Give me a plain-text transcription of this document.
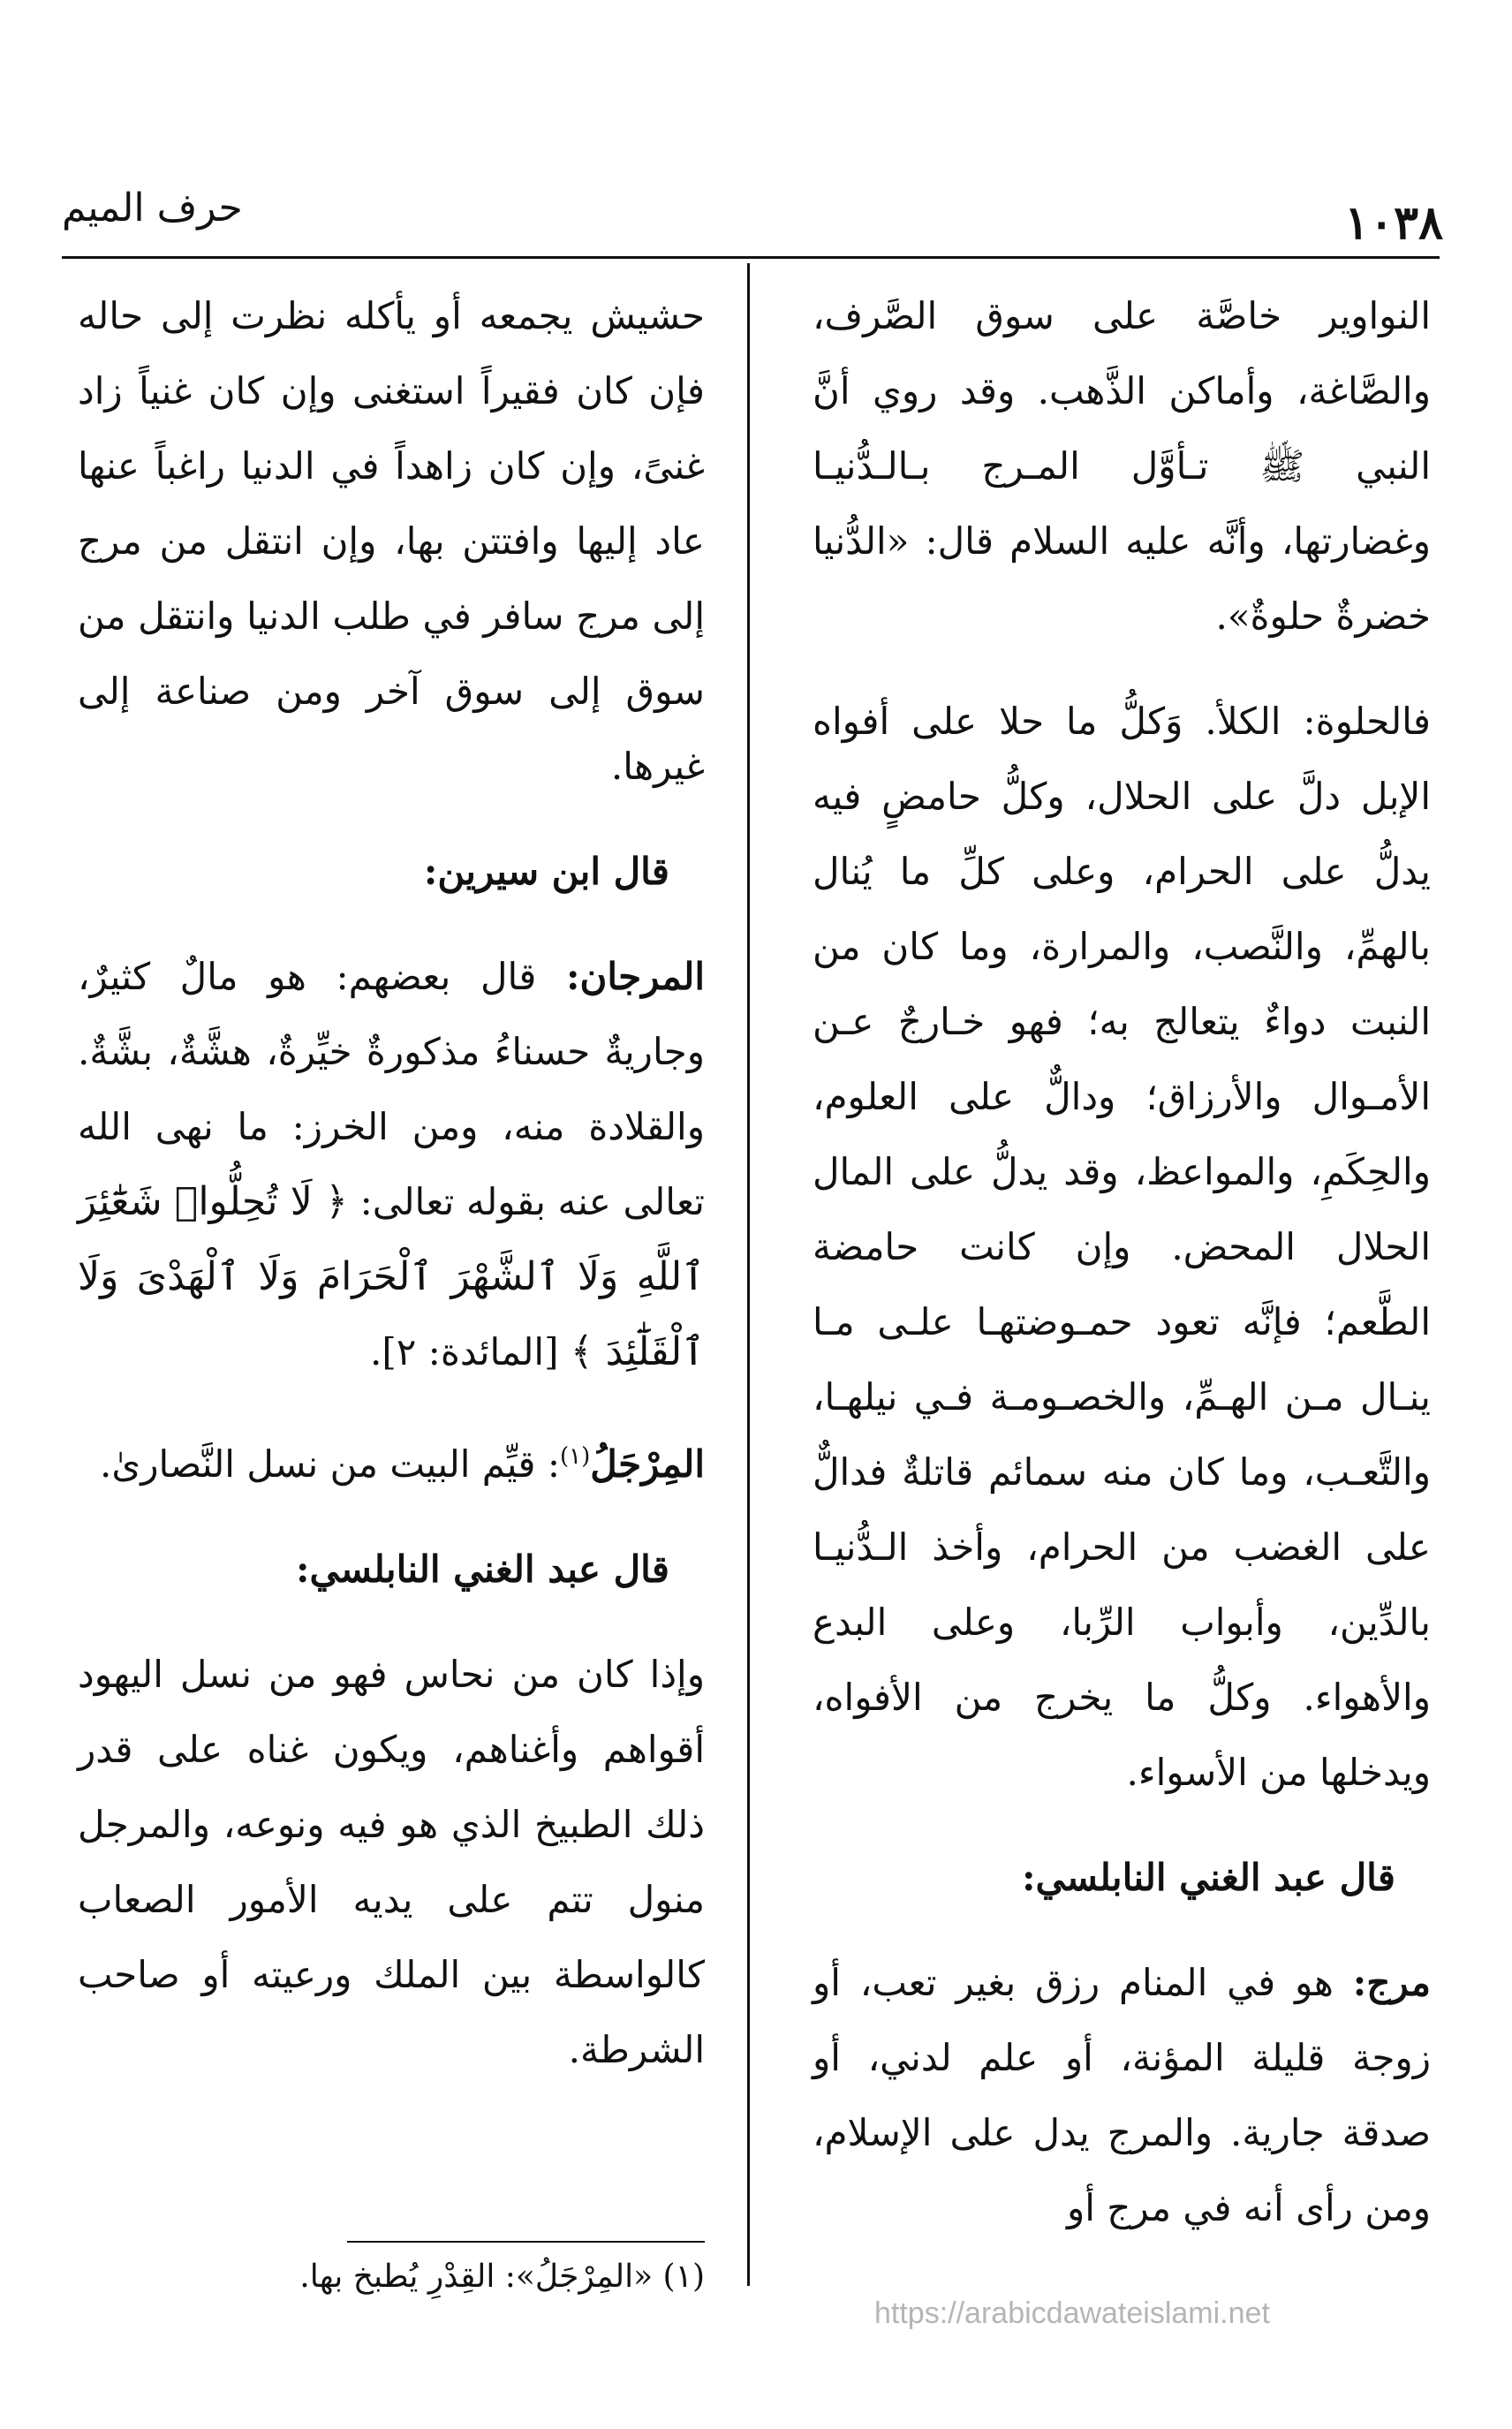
١٠٣٨
حرف الميم

النواوير خاصَّة على سوق الصَّرف، والصَّاغة، وأماكن الذَّهب. وقد روي أنَّ النبي ﷺ تـأوَّل المـرج بـالـدُّنيـا وغضارتها، وأنَّه عليه السلام قال: «الدُّنيا خضرةٌ حلوةٌ».

فالحلوة: الكلأ. وَكلُّ ما حلا على أفواه الإبل دلَّ على الحلال، وكلُّ حامضٍ فيه يدلُّ على الحرام، وعلى كلِّ ما يُنال بالهمِّ، والنَّصب، والمرارة، وما كان من النبت دواءٌ يتعالج به؛ فهو خـارجٌ عـن الأمـوال والأرزاق؛ ودالٌّ على العلوم، والحِكَمِ، والمواعظ، وقد يدلُّ على المال الحلال المحض. وإن كانت حامضة الطَّعم؛ فإنَّه تعود حمـوضتهـا علـى مـا ينـال مـن الهـمِّ، والخصـومـة فـي نيلهـا، والتَّعـب، وما كان منه سمائم قاتلةٌ فدالٌّ على الغضب من الحرام، وأخذ الـدُّنيـا بالدِّين، وأبواب الرِّبا، وعلى البدع والأهواء. وكلُّ ما يخرج من الأفواه، ويدخلها من الأسواء.

قال عبد الغني النابلسي:

مرج: هو في المنام رزق بغير تعب، أو زوجة قليلة المؤنة، أو علم لدني، أو صدقة جارية. والمرج يدل على الإسلام، ومن رأى أنه في مرج أو

حشيش يجمعه أو يأكله نظرت إلى حاله فإن كان فقيراً استغنى وإن كان غنياً زاد غنىً، وإن كان زاهداً في الدنيا راغباً عنها عاد إليها وافتتن بها، وإن انتقل من مرج إلى مرج سافر في طلب الدنيا وانتقل من سوق إلى سوق آخر ومن صناعة إلى غيرها.

قال ابن سيرين:

المرجان: قال بعضهم: هو مالٌ كثيرٌ، وجاريةٌ حسناءُ مذكورةٌ خيِّرةٌ، هشَّةٌ، بشَّةٌ. والقلادة منه، ومن الخرز: ما نهى الله تعالى عنه بقوله تعالى: ﴿ لَا تُحِلُّوا۟ شَعَٰٓئِرَ ٱللَّهِ وَلَا ٱلشَّهْرَ ٱلْحَرَامَ وَلَا ٱلْهَدْىَ وَلَا ٱلْقَلَٰٓئِدَ ﴾ [المائدة: ٢].

المِرْجَلُ$^{(١)}$: قيِّم البيت من نسل النَّصارىٰ.

قال عبد الغني النابلسي:

وإذا كان من نحاس فهو من نسل اليهود أقواهم وأغناهم، ويكون غناه على قدر ذلك الطبيخ الذي هو فيه ونوعه، والمرجل منول تتم على يديه الأمور الصعاب كالواسطة بين الملك ورعيته أو صاحب الشرطة.

(١) «المِرْجَلُ»: القِدْرِ يُطبخ بها.
https://arabicdawateislami.net
